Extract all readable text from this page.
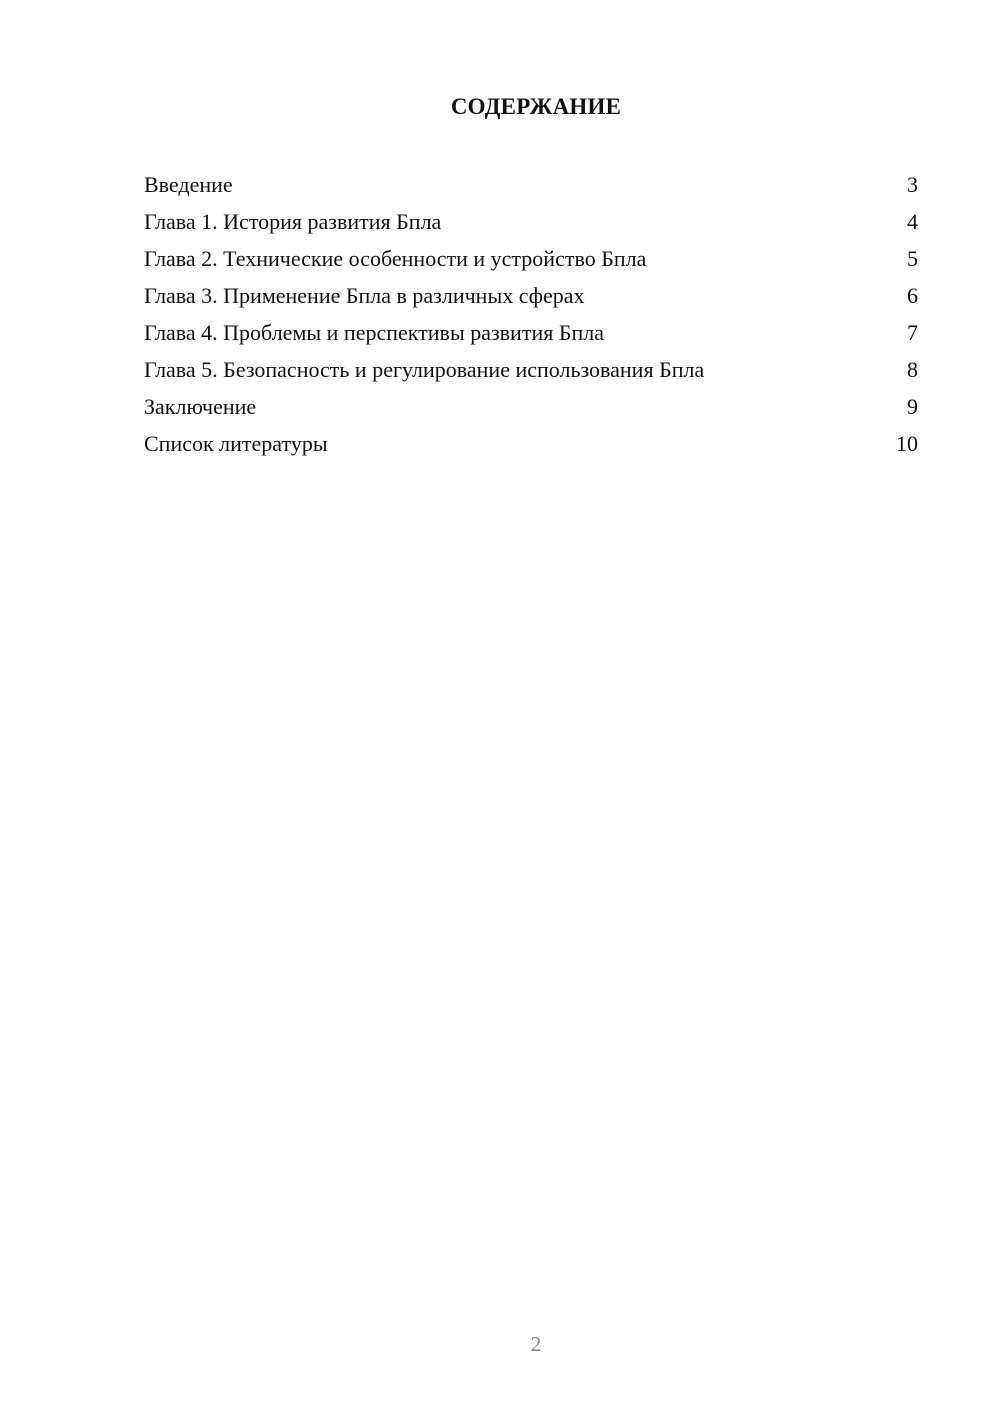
СОДЕРЖАНИЕ
Введение	3
Глава 1. История развития Бпла	4
Глава 2. Технические особенности и устройство Бпла	5
Глава 3. Применение Бпла в различных сферах	6
Глава 4. Проблемы и перспективы развития Бпла	7
Глава 5. Безопасность и регулирование использования Бпла	8
Заключение	9
Список литературы	10
2
